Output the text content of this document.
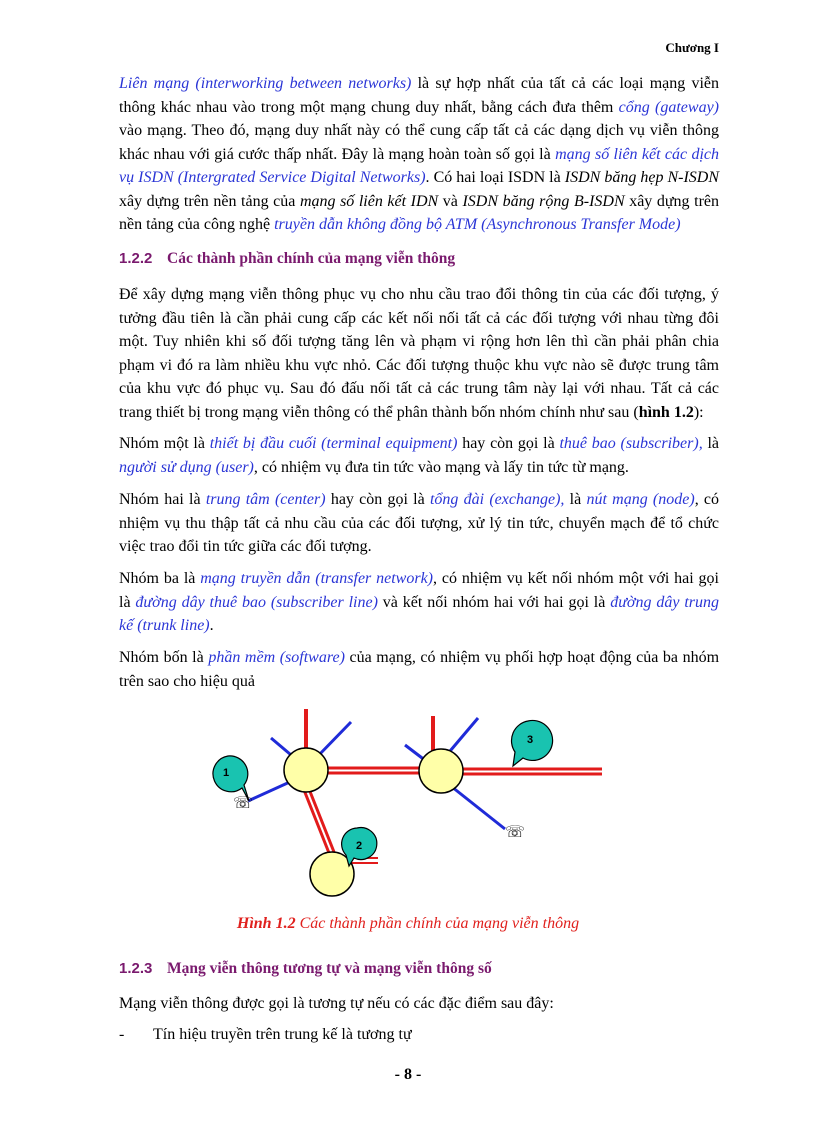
Chương I

Liên mạng (interworking between networks) là sự hợp nhất của tất cả các loại mạng viễn thông khác nhau vào trong một mạng chung duy nhất, bằng cách đưa thêm cổng (gateway) vào mạng. Theo đó, mạng duy nhất này có thể cung cấp tất cả các dạng dịch vụ viễn thông khác nhau với giá cước thấp nhất. Đây là mạng hoàn toàn số gọi là mạng số liên kết các dịch vụ ISDN (Intergrated Service Digital Networks). Có hai loại ISDN là ISDN băng hẹp N-ISDN xây dựng trên nền tảng của mạng số liên kết IDN và ISDN băng rộng B-ISDN xây dựng trên nền tảng của công nghệ truyền dẫn không đồng bộ ATM (Asynchronous Transfer Mode)

1.2.2 Các thành phần chính của mạng viễn thông

Để xây dựng mạng viễn thông phục vụ cho nhu cầu trao đổi thông tin của các đối tượng, ý tưởng đầu tiên là cần phải cung cấp các kết nối nối tất cả các đối tượng với nhau từng đôi một. Tuy nhiên khi số đối tượng tăng lên và phạm vi rộng hơn lên thì cần phải phân chia phạm vi đó ra làm nhiều khu vực nhỏ. Các đối tượng thuộc khu vực nào sẽ được trung tâm của khu vực đó phục vụ. Sau đó đấu nối tất cả các trung tâm này lại với nhau. Tất cả các trang thiết bị trong mạng viễn thông có thể phân thành bốn nhóm chính như sau (hình 1.2):

Nhóm một là thiết bị đầu cuối (terminal equipment) hay còn gọi là thuê bao (subscriber), là người sử dụng (user), có nhiệm vụ đưa tin tức vào mạng và lấy tin tức từ mạng.

Nhóm hai là trung tâm (center) hay còn gọi là tổng đài (exchange), là nút mạng (node), có nhiệm vụ thu thập tất cả nhu cầu của các đối tượng, xử lý tin tức, chuyển mạch để tổ chức việc trao đổi tin tức giữa các đối tượng.

Nhóm ba là mạng truyền dẫn (transfer network), có nhiệm vụ kết nối nhóm một với hai gọi là đường dây thuê bao (subscriber line) và kết nối nhóm hai với hai gọi là đường dây trung kế (trunk line).

Nhóm bốn là phần mềm (software) của mạng, có nhiệm vụ phối hợp hoạt động của ba nhóm trên sao cho hiệu quả

1
2
3
☏
☏
Hình 1.2 Các thành phần chính của mạng viễn thông
1.2.3 Mạng viễn thông tương tự và mạng viễn thông số

Mạng viễn thông được gọi là tương tự nếu có các đặc điểm sau đây:

- Tín hiệu truyền trên trung kế là tương tự
- 8 -
